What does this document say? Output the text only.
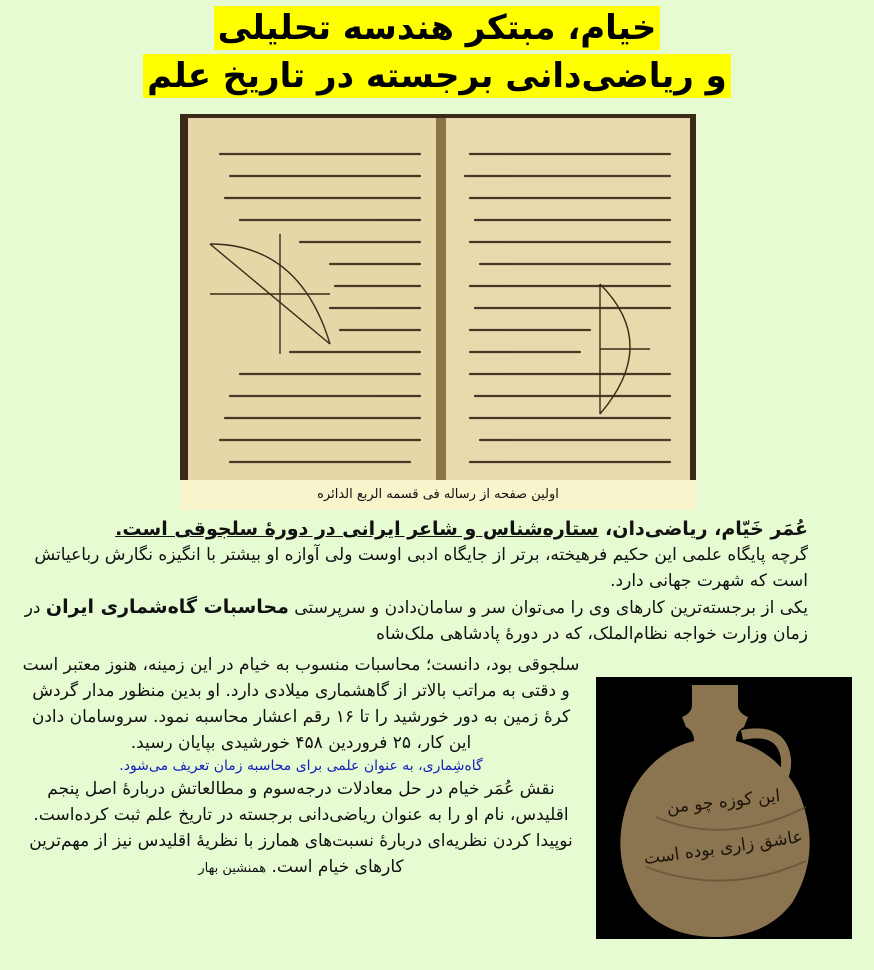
خیام، مبتکر هندسه تحلیلی
و ریاضی‌دانی برجسته در تاریخ علم
اولین صفحه از رساله فی قسمه الربع الدائره

عُمَر خَیّام، ریاضی‌دان، ستاره‌شناس و شاعر ایرانی در دورهٔ سلجوقی است.

گرچه پایگاه علمی این حکیم فرهیخته، برتر از جایگاه ادبی اوست ولی آوازه او بیشتر با انگیزه نگارش رباعیاتش است که شهرت جهانی دارد.

یکی از برجسته‌ترین کارهای وی را می‌توان سر و سامان‌دادن و سرپرستی محاسبات گاه‌شماری ایران در زمان وزارت خواجه نظام‌الملک، که در دورهٔ پادشاهی ملک‌شاه

سلجوقی بود، دانست؛ محاسبات منسوب به خیام در این زمینه، هنوز معتبر است و دقتی به مراتب بالاتر از گاهشماری میلادی دارد. او بدین منظور مدار گردش کرهٔ زمین به دور خورشید را تا ۱۶ رقم اعشار محاسبه نمود. سروسامان دادن این کار، ۲۵ فروردین ۴۵۸ خورشیدی بپایان رسید.

گاه‌شِماری، به عنوان علمی برای محاسبه زمان تعریف می‌شود.

نقش عُمَر خیام در حل معادلات درجه‌سوم و مطالعاتش دربارهٔ اصل پنجم اقلیدس، نام او را به عنوان ریاضی‌دانی برجسته در تاریخ علم ثبت کرده‌است.

نوپیدا کردن نظریه‌ای دربارهٔ نسبت‌های همارز با نظریهٔ اقلیدس نیز از مهم‌ترین کارهای خیام است. همنشین بهار

این کوزه چو من
عاشق زاری بوده است
